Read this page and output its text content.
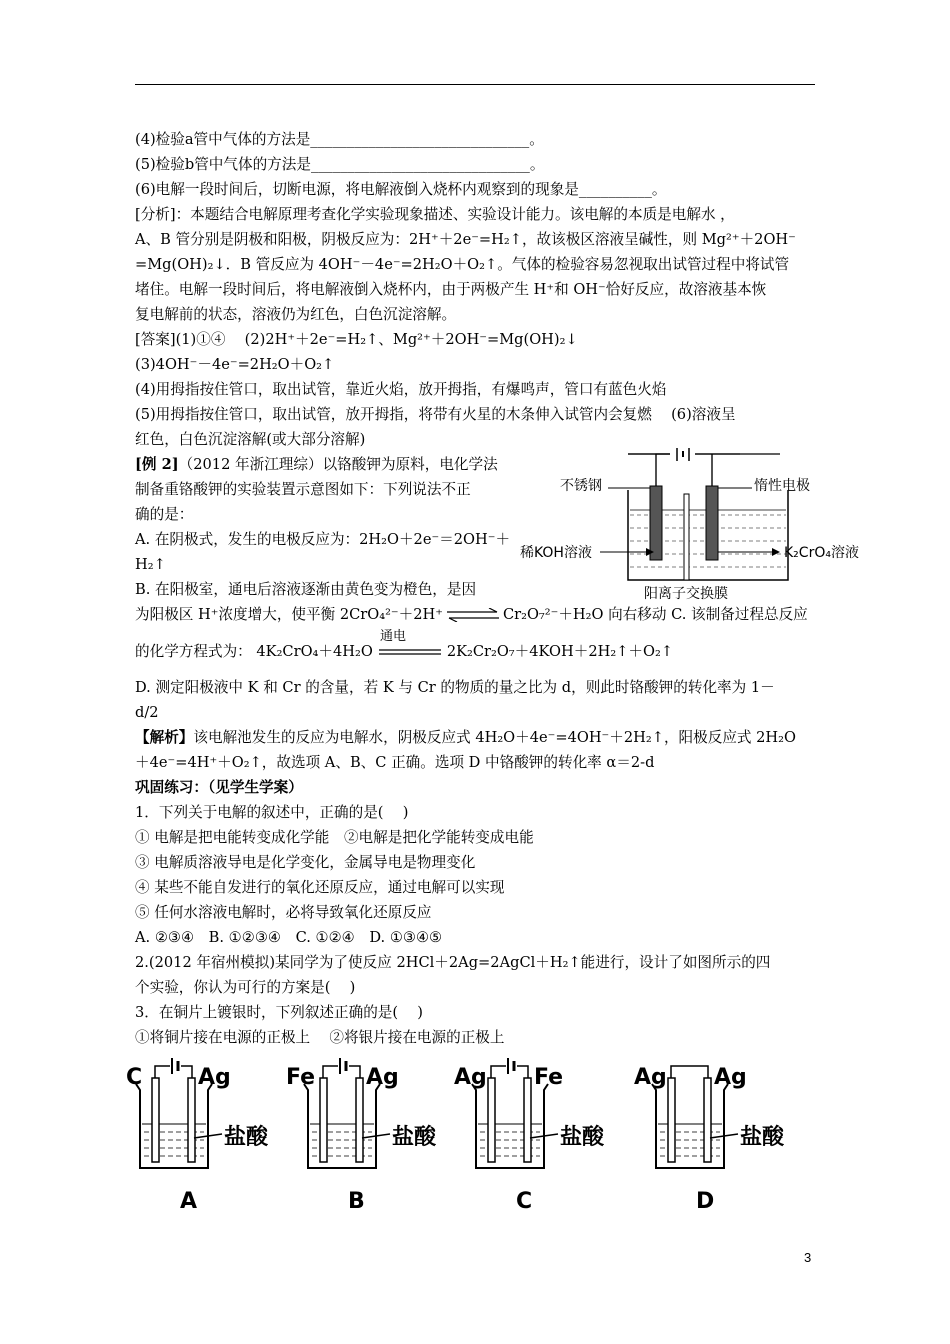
(4)检验a管中气体的方法是______________________________。
(5)检验b管中气体的方法是______________________________。
(6)电解一段时间后，切断电源，将电解液倒入烧杯内观察到的现象是__________。
[分析]：本题结合电解原理考查化学实验现象描述、实验设计能力。该电解的本质是电解水 ，
A、B 管分别是阴极和阳极，阴极反应为：2H⁺＋2e⁻=H₂↑，故该极区溶液呈碱性，则 Mg²⁺＋2OH⁻
=Mg(OH)₂↓．B 管反应为 4OH⁻－4e⁻=2H₂O＋O₂↑。气体的检验容易忽视取出试管过程中将试管
堵住。电解一段时间后，将电解液倒入烧杯内，由于两极产生 H⁺和 OH⁻恰好反应，故溶液基本恢
复电解前的状态，溶液仍为红色，白色沉淀溶解。
[答案](1)①④　 (2)2H⁺＋2e⁻=H₂↑、Mg²⁺＋2OH⁻=Mg(OH)₂↓
(3)4OH⁻－4e⁻=2H₂O＋O₂↑
(4)用拇指按住管口，取出试管，靠近火焰，放开拇指，有爆鸣声，管口有蓝色火焰
(5)用拇指按住管口，取出试管，放开拇指，将带有火星的木条伸入试管内会复燃　 (6)溶液呈
红色，白色沉淀溶解(或大部分溶解)
[例 2]（2012 年浙江理综）以铬酸钾为原料，电化学法
制备重铬酸钾的实验装置示意图如下：下列说法不正
确的是：
A. 在阴极式，发生的电极反应为：2H₂O＋2e⁻＝2OH⁻＋
H₂↑
B. 在阳极室，通电后溶液逐渐由黄色变为橙色，是因
为阳极区 H⁺浓度增大，使平衡 2CrO₄²⁻＋2H⁺ ⇌ Cr₂O₇²⁻＋H₂O 向右移动 C. 该制备过程总反应
通电
的化学方程式为： 4K₂CrO₄＋4H₂O	2K₂Cr₂O₇＋4KOH＋2H₂↑＋O₂↑
D. 测定阳极液中 K 和 Cr 的含量，若 K 与 Cr 的物质的量之比为 d，则此时铬酸钾的转化率为 1－
d/2
【解析】该电解池发生的反应为电解水，阴极反应式 4H₂O＋4e⁻=4OH⁻＋2H₂↑，阳极反应式 2H₂O
＋4e⁻=4H⁺＋O₂↑，故选项 A、B、C 正确。选项 D 中铬酸钾的转化率 α＝2-d
巩固练习：（见学生学案）
1．下列关于电解的叙述中，正确的是(　 )
① 电解是把电能转变成化学能　②电解是把化学能转变成电能
③ 电解质溶液导电是化学变化，金属导电是物理变化
④ 某些不能自发进行的氧化还原反应，通过电解可以实现
⑤ 任何水溶液电解时，必将导致氧化还原反应
A. ②③④　B. ①②③④　C. ①②④　D. ①③④⑤
2.(2012 年宿州模拟)某同学为了使反应 2HCl＋2Ag=2AgCl＋H₂↑能进行，设计了如图所示的四
个实验，你认为可行的方案是(　 )
3．在铜片上镀银时，下列叙述正确的是(　 )
①将铜片接在电源的正极上　 ②将银片接在电源的正极上
不锈钢	惰性电极
稀KOH溶液	K₂CrO₄溶液
阳离子交换膜
C	Ag
盐酸
A
Fe Ag
盐酸
B
Ag Fe
盐酸
C
Ag Ag
盐酸
D
3
